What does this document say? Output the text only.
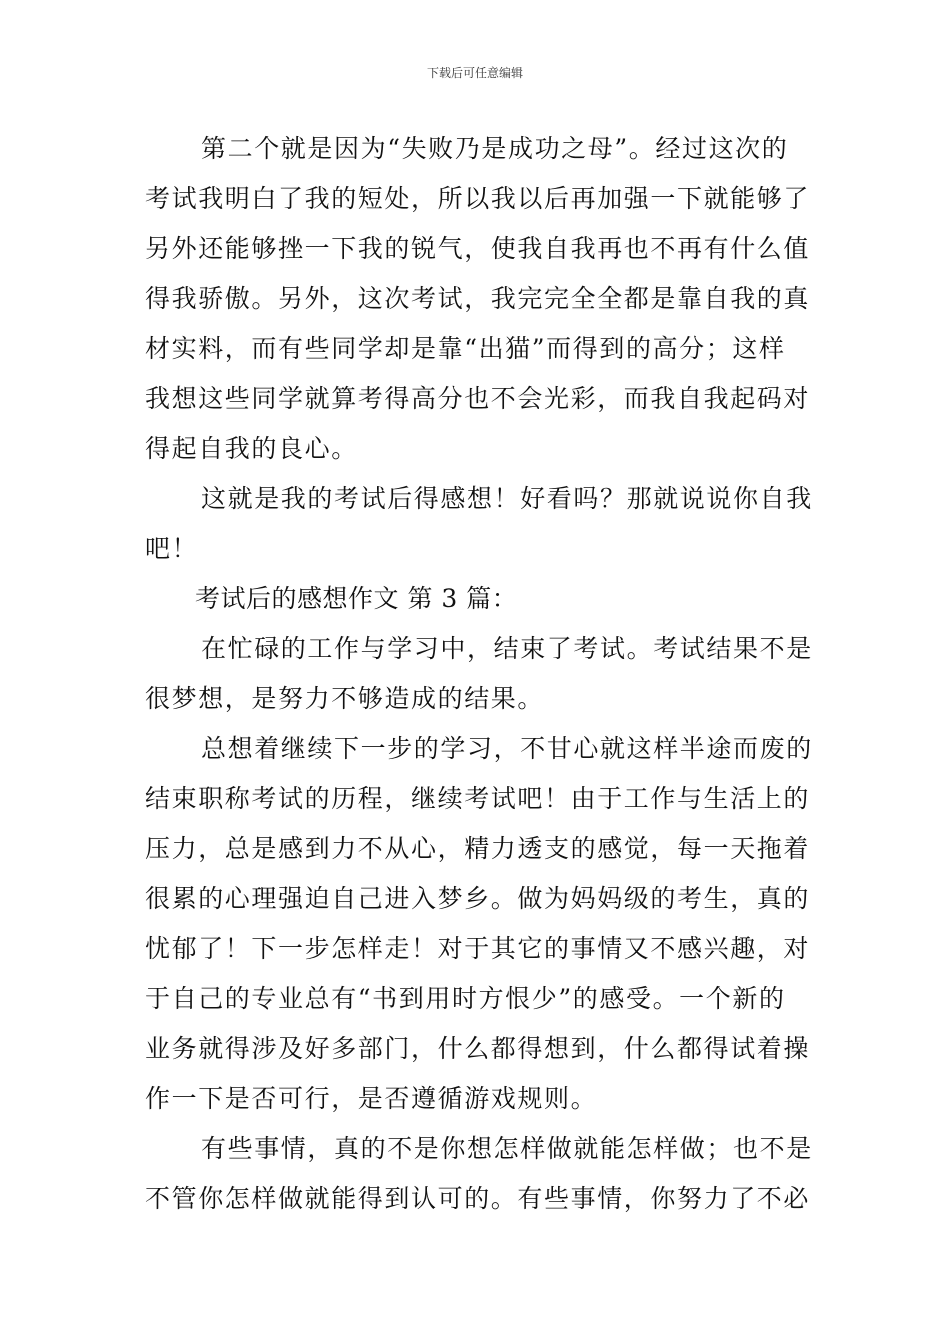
下载后可任意编辑
第二个就是因为“失败乃是成功之母”。经过这次的
考试我明白了我的短处，所以我以后再加强一下就能够了
另外还能够挫一下我的锐气，使我自我再也不再有什么值
得我骄傲。另外，这次考试，我完完全全都是靠自我的真
材实料，而有些同学却是靠“出猫”而得到的高分；这样
我想这些同学就算考得高分也不会光彩，而我自我起码对
得起自我的良心。
这就是我的考试后得感想！好看吗？那就说说你自我
吧！
考试后的感想作文 第 3 篇：
在忙碌的工作与学习中，结束了考试。考试结果不是
很梦想，是努力不够造成的结果。
总想着继续下一步的学习，不甘心就这样半途而废的
结束职称考试的历程，继续考试吧！由于工作与生活上的
压力，总是感到力不从心，精力透支的感觉，每一天拖着
很累的心理强迫自己进入梦乡。做为妈妈级的考生，真的
忧郁了！下一步怎样走！对于其它的事情又不感兴趣，对
于自己的专业总有“书到用时方恨少”的感受。一个新的
业务就得涉及好多部门，什么都得想到，什么都得试着操
作一下是否可行，是否遵循游戏规则。
有些事情，真的不是你想怎样做就能怎样做；也不是
不管你怎样做就能得到认可的。有些事情，你努力了不必
